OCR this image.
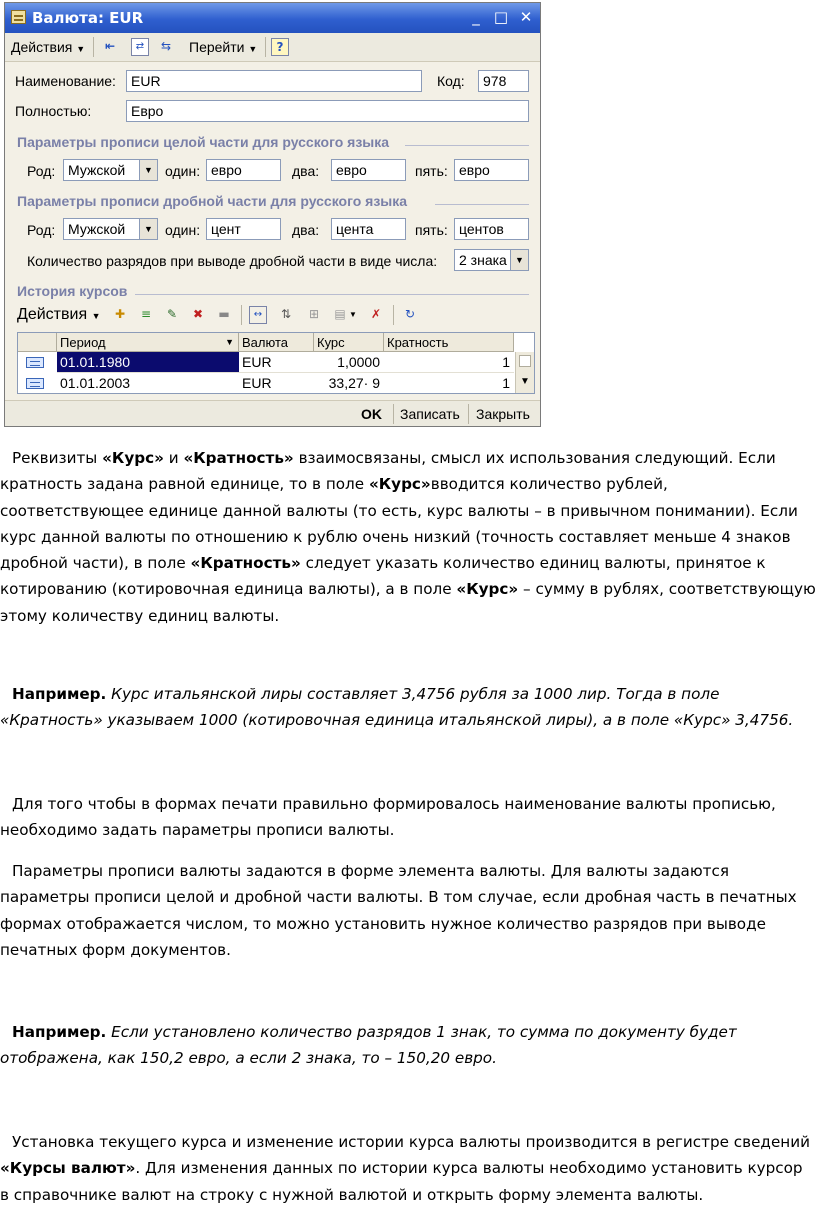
Валюта: EUR	_ □ ✕
Действия ▼	⇤	⇄	⇆ Перейти ▼	?
Наименование:	EUR	Код:	978
Полностью:	Евро
Параметры прописи целой части для русского языка
Род: Мужской	▼ один: евро	два:	евро	пять: евро
Параметры прописи дробной части для русского языка
Род: Мужской	▼ один: цент	два:	цента	пять: центов
Количество разрядов при выводе дробной части в виде числа:	2 знака ▼
История курсов
Действия ▼	✚	≡	✎	✖	▬	↔	⇅	⊞	▤ ▼	✗	↻
Период	▼ Валюта	Курс	Кратность
01.01.1980	EUR	1,0000	1
01.01.2003	EUR	33,27· 9	1	▼
OK Записать Закрыть

Реквизиты «Курс» и «Кратность» взаимосвязаны, смысл их использования следующий. Если кратность задана равной единице, то в поле «Курс»вводится количество рублей, соответствующее единице данной валюты (то есть, курс валюты – в привычном понимании). Если курс данной валюты по отношению к рублю очень низкий (точность составляет меньше 4 знаков дробной части), в поле «Кратность» следует указать количество единиц валюты, принятое к котированию (котировочная единица валюты), а в поле «Курс» – сумму в рублях, соответствующую этому количеству единиц валюты.

Например. Курс итальянской лиры составляет 3,4756 рубля за 1000 лир. Тогда в поле «Кратность» указываем 1000 (котировочная единица итальянской лиры), а в поле «Курс» 3,4756.

Для того чтобы в формах печати правильно формировалось наименование валюты прописью, необходимо задать параметры прописи валюты.

Параметры прописи валюты задаются в форме элемента валюты. Для валюты задаются параметры прописи целой и дробной части валюты. В том случае, если дробная часть в печатных формах отображается числом, то можно установить нужное количество разрядов при выводе печатных форм документов.

Например. Если установлено количество разрядов 1 знак, то сумма по документу будет отображена, как 150,2 евро, а если 2 знака, то – 150,20 евро.

Установка текущего курса и изменение истории курса валюты производится в регистре сведений «Курсы валют». Для изменения данных по истории курса валюты необходимо установить курсор в справочнике валют на строку с нужной валютой и открыть форму элемента валюты.
